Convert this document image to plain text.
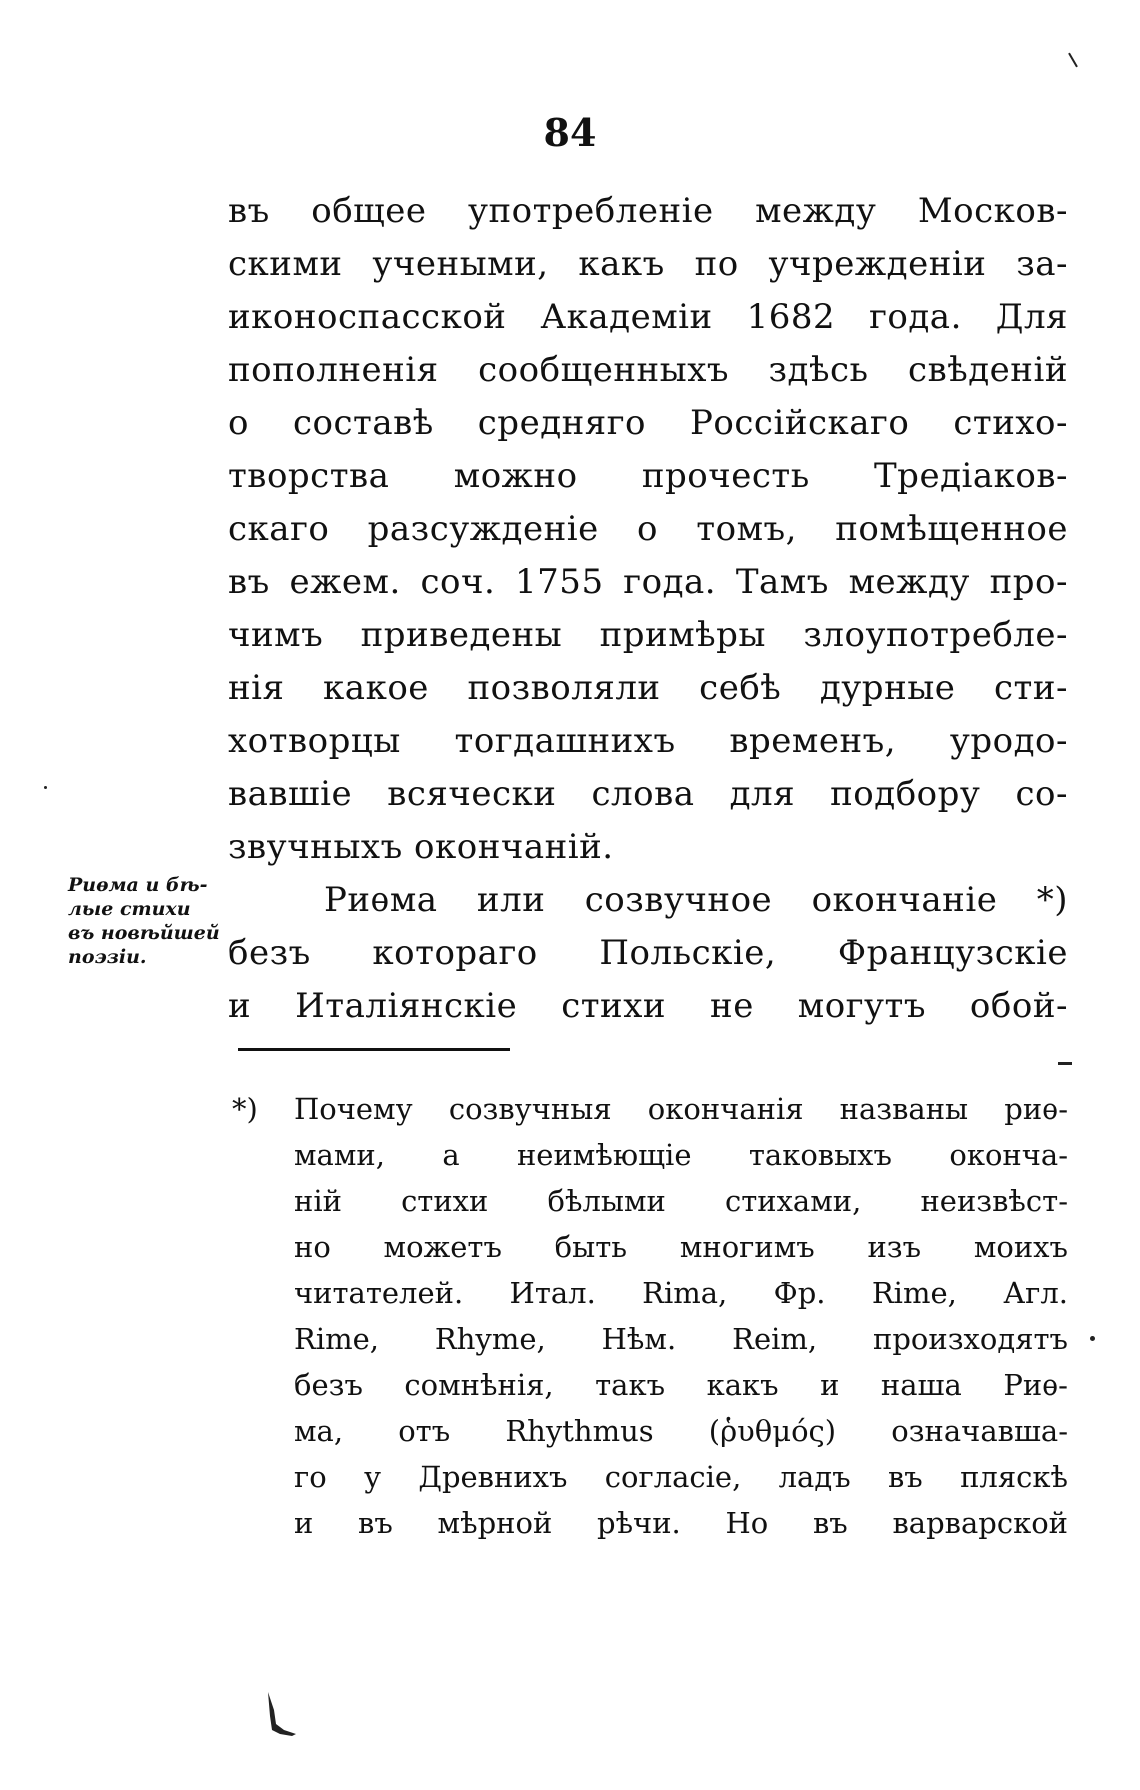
84
въ общее употребленіе между Москов-
скими учеными, какъ по учрежденіи за-
иконоспасской Академіи 1682 года. Для
пополненія сообщенныхъ здѣсь свѣденій
о составѣ средняго Россійскаго стихо-
творства можно прочесть Тредіаков-
скаго разсужденіе о томъ, помѣщенное
въ ежем. соч. 1755 года. Тамъ между про-
чимъ приведены примѣры злоупотребле-
нія какое позволяли себѣ дурные сти-
хотворцы тогдашнихъ временъ, уродо-
вавшіе всячески слова для подбору со-
звучныхъ окончаній.
Риѳма или созвучное окончаніе *)
безъ котораго Польскіе, Французскіе
и Италіянскіе стихи не могутъ обой-
Риѳма и бѣ-
лые стихи
въ новѣйшей
поэзіи.
*) Почему созвучныя окончанія названы риѳ-
мами, а неимѣющіе таковыхъ оконча-
ній стихи бѣлыми стихами, неизвѣст-
но можетъ быть многимъ изъ моихъ
читателей. Итал. Rima, Фр. Rime, Агл.
Rime, Rhyme, Нѣм. Reim, произходятъ
безъ сомнѣнія, такъ какъ и наша Риѳ-
ма, отъ Rhythmus (ῥυθμός) означавша-
го у Древнихъ согласіе, ладъ въ пляскѣ
и въ мѣрной рѣчи. Но въ варварской
